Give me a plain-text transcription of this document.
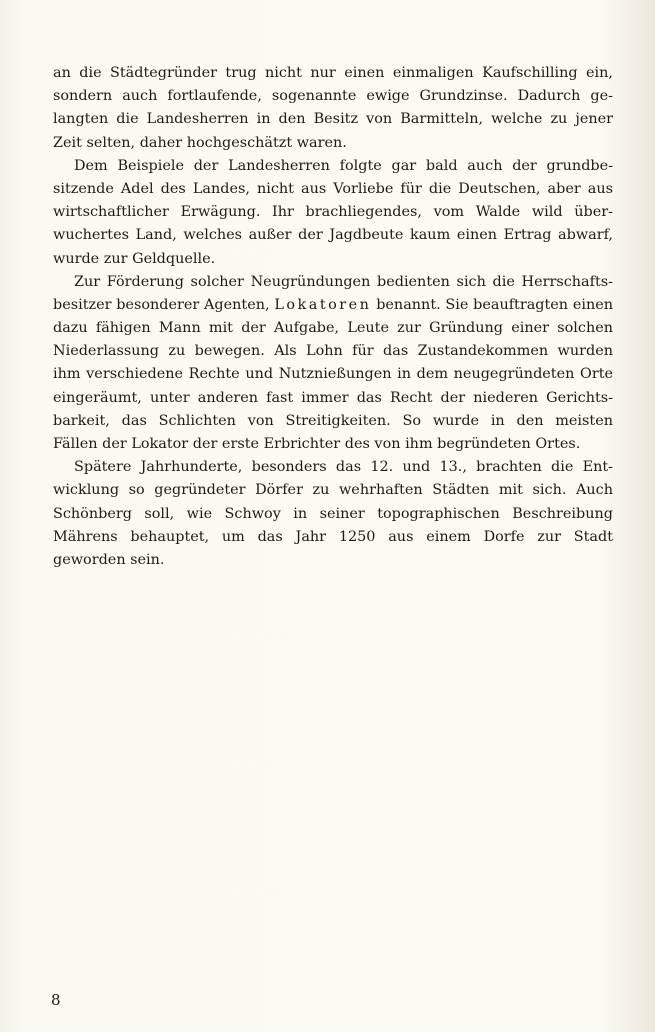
an die Städtegründer trug nicht nur einen einmaligen Kaufschilling ein,
sondern auch fortlaufende, sogenannte ewige Grundzinse. Dadurch ge-
langten die Landesherren in den Besitz von Barmitteln, welche zu jener
Zeit selten, daher hochgeschätzt waren.
Dem Beispiele der Landesherren folgte gar bald auch der grundbe-
sitzende Adel des Landes, nicht aus Vorliebe für die Deutschen, aber aus
wirtschaftlicher Erwägung. Ihr brachliegendes, vom Walde wild über-
wuchertes Land, welches außer der Jagdbeute kaum einen Ertrag abwarf,
wurde zur Geldquelle.
Zur Förderung solcher Neugründungen bedienten sich die Herrschafts-
besitzer besonderer Agenten, Lokatoren benannt. Sie beauftragten einen
dazu fähigen Mann mit der Aufgabe, Leute zur Gründung einer solchen
Niederlassung zu bewegen. Als Lohn für das Zustandekommen wurden
ihm verschiedene Rechte und Nutznießungen in dem neugegründeten Orte
eingeräumt, unter anderen fast immer das Recht der niederen Gerichts-
barkeit, das Schlichten von Streitigkeiten. So wurde in den meisten
Fällen der Lokator der erste Erbrichter des von ihm begründeten Ortes.
Spätere Jahrhunderte, besonders das 12. und 13., brachten die Ent-
wicklung so gegründeter Dörfer zu wehrhaften Städten mit sich. Auch
Schönberg soll, wie Schwoy in seiner topographischen Beschreibung
Mährens behauptet, um das Jahr 1250 aus einem Dorfe zur Stadt
geworden sein.
8
